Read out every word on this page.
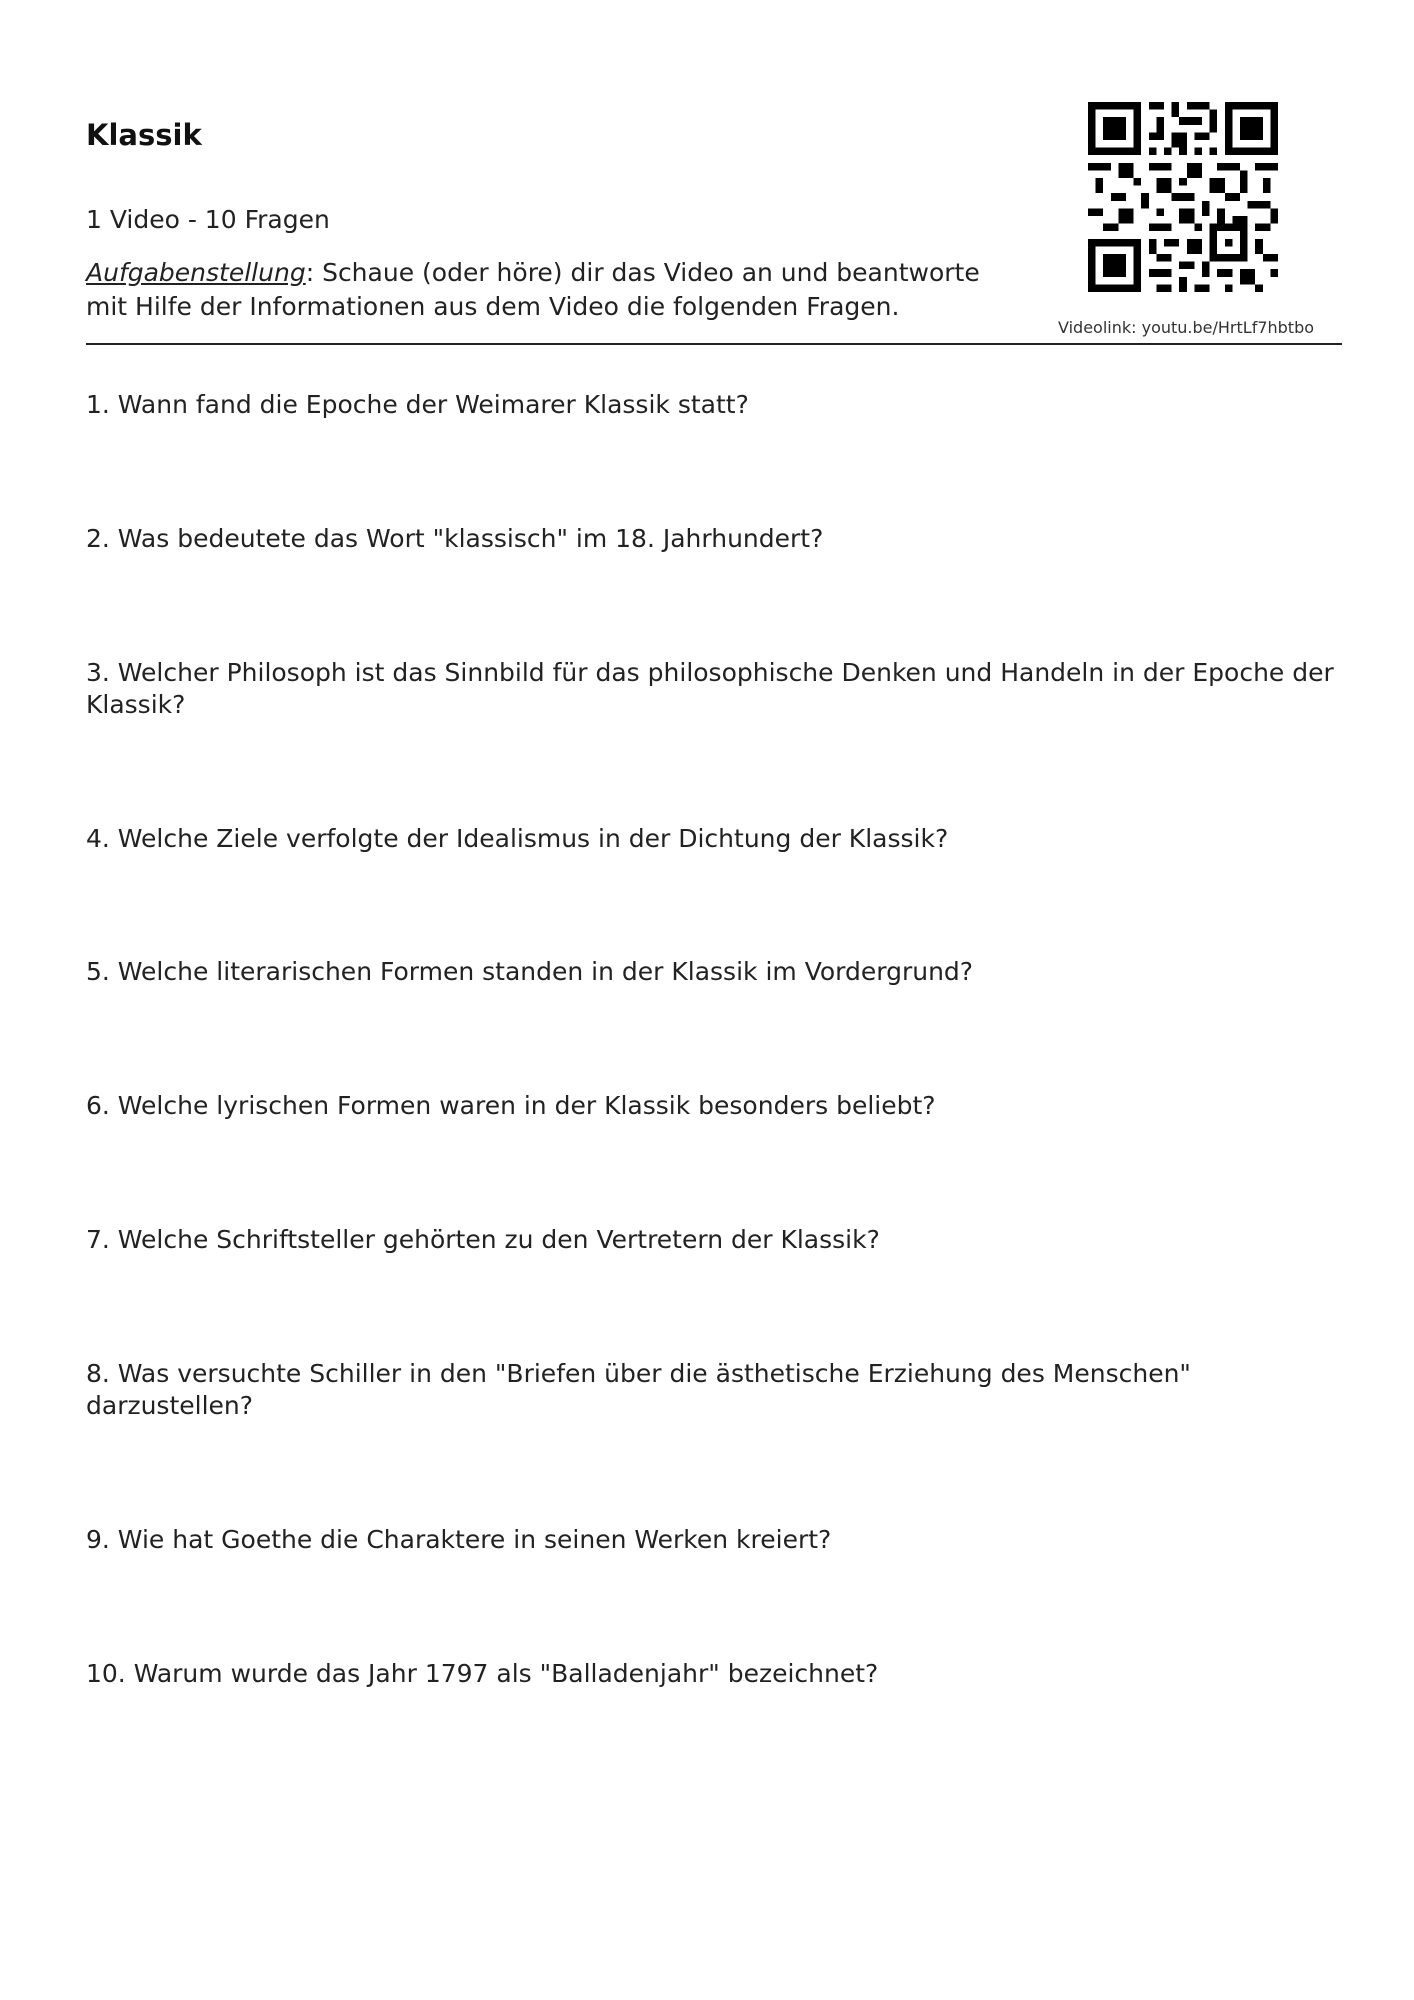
Klassik
1 Video - 10 Fragen
Aufgabenstellung: Schaue (oder höre) dir das Video an und beantworte mit Hilfe der Informationen aus dem Video die folgenden Fragen.
Videolink: youtu.be/HrtLf7hbtbo
1. Wann fand die Epoche der Weimarer Klassik statt?
2. Was bedeutete das Wort "klassisch" im 18. Jahrhundert?
3. Welcher Philosoph ist das Sinnbild für das philosophische Denken und Handeln in der Epoche der Klassik?
4. Welche Ziele verfolgte der Idealismus in der Dichtung der Klassik?
5. Welche literarischen Formen standen in der Klassik im Vordergrund?
6. Welche lyrischen Formen waren in der Klassik besonders beliebt?
7. Welche Schriftsteller gehörten zu den Vertretern der Klassik?
8. Was versuchte Schiller in den "Briefen über die ästhetische Erziehung des Menschen" darzustellen?
9. Wie hat Goethe die Charaktere in seinen Werken kreiert?
10. Warum wurde das Jahr 1797 als "Balladenjahr" bezeichnet?
